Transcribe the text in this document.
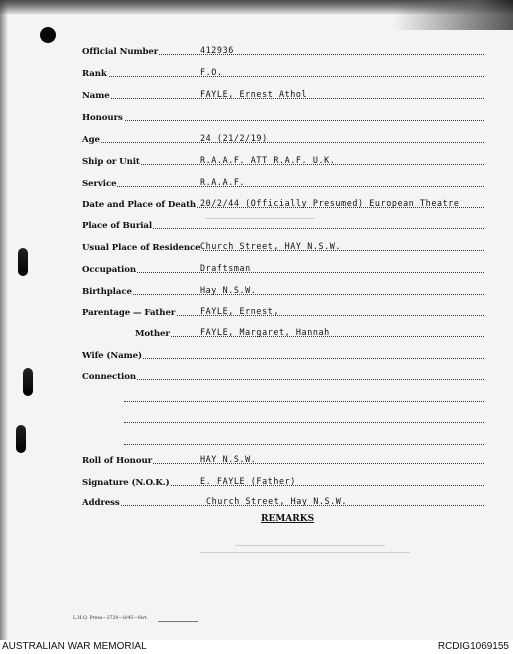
Official Number	412936
Rank	F.O.
Name	FAYLE, Ernest Athol
Honours
Age	24 (21/2/19)
Ship or Unit	R.A.A.F. ATT R.A.F. U.K.
Service	R.A.A.F.
Date and Place of Death 20/2/44 (Officially Presumed) European Theatre
Place of Burial
Usual Place of Residence Church Street, HAY N.S.W.
Occupation	Draftsman
Birthplace	Hay N.S.W.
Parentage — Father	FAYLE, Ernest,
Mother	FAYLE, Margaret, Hannah
Wife (Name)
Connection
Roll of Honour	HAY N.S.W.
Signature (N.O.K.)	E. FAYLE (Father)
Address	Church Street, Hay N.S.W.
REMARKS
L.H.Q. Press—3720—8/45—6wt.
AUSTRALIAN WAR MEMORIAL	RCDIG1069155
